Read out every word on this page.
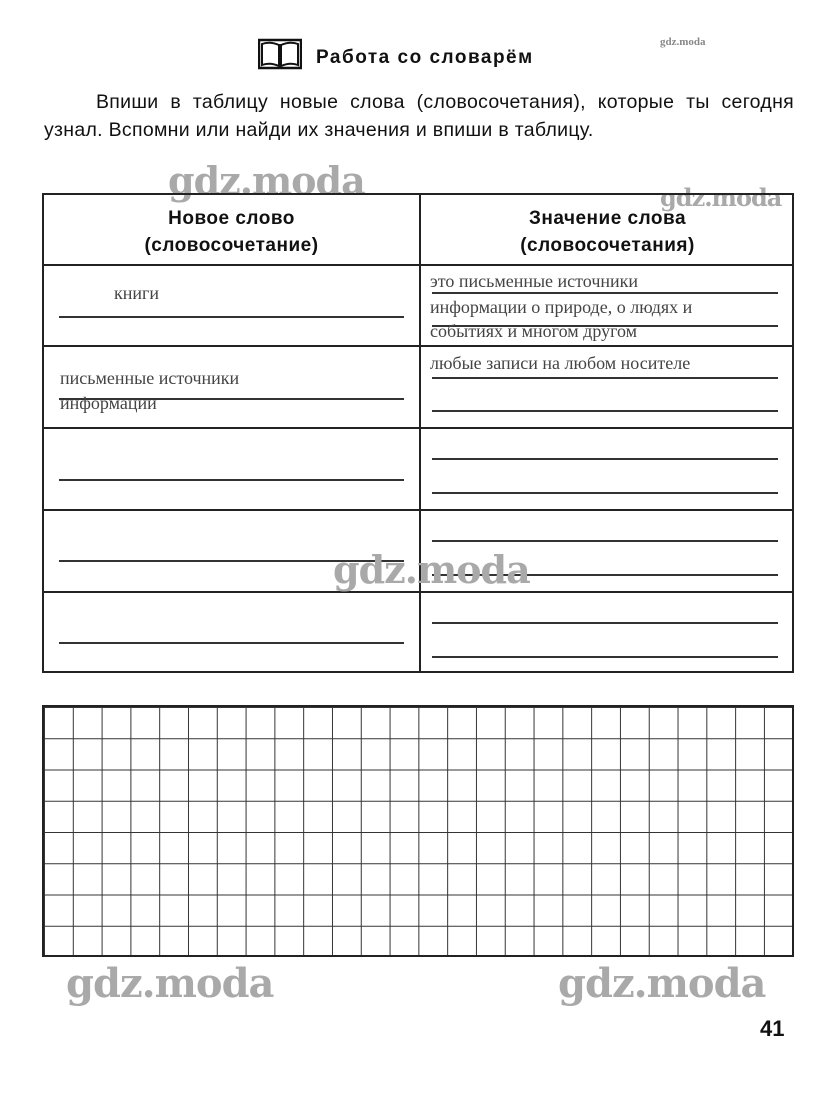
gdz.moda
gdz.moda	gdz.moda
Работа со словарём
Впиши в таблицу новые слова (словосочетания), которые ты сегодня узнал. Вспомни или найди их значения и впиши в таблицу.
Новое слово
(словосочетание)
Значение слова
(словосочетания)
книги
это письменные источники
информации о природе, о людях и
событиях и многом другом
письменные источники
информации
любые записи на любом носителе
gdz.moda
gdz.moda	gdz.moda
41
